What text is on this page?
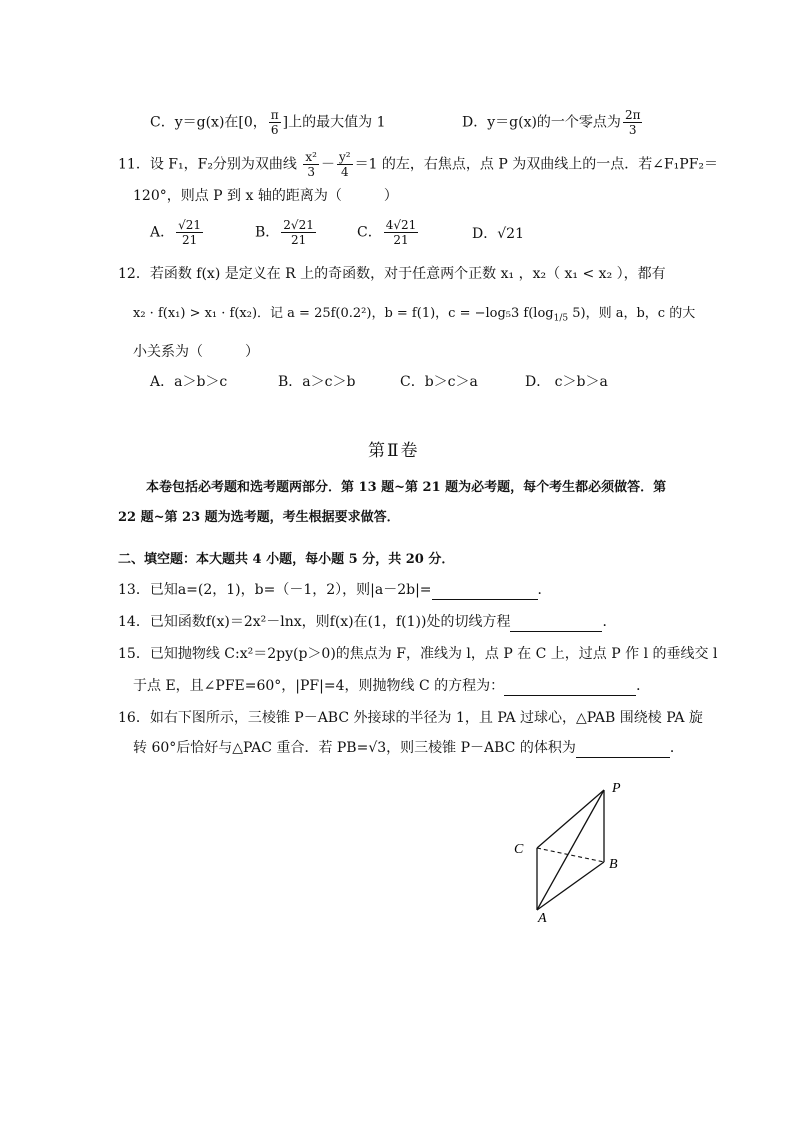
C．y＝g(x)在[0， $\frac{\pi}{6}$ ]上的最大值为 1	D．y＝g(x)的一个零点为 $\frac{2\pi}{3}$
11．设 F₁，F₂分别为双曲线 $\frac{\text{x²}}{3} - \frac{\text{y²}}{4} =1$ 的左，右焦点，点 P 为双曲线上的一点．若∠F₁PF₂＝
120°，则点 P 到 x 轴的距离为（　　　）
A． $\frac{√21}{21}$	B． $\frac{2√21}{21}$	C． $\frac{4√21}{21}$	D．√21
12．若函数 f(x) 是定义在 R 上的奇函数，对于任意两个正数 x₁ ，x₂（ x₁ < x₂ ），都有
x₂ · f(x₁) > x₁ · f(x₂)．记 a = 25f(0.2²)，b = f(1)，c = −log₅3 $f(\log_{1/5}$ 5)，则 a，b，c 的大
小关系为（　　　）
A．a＞b＞c	B．a＞c＞b	C．b＞c＞a	D． c＞b＞a
第Ⅱ卷
本卷包括必考题和选考题两部分．第 13 题~第 21 题为必考题，每个考生都必须做答．第
22 题~第 23 题为选考题，考生根据要求做答．
二、填空题：本大题共 4 小题，每小题 5 分，共 20 分．
13．已知a=(2，1)，b=（－1，2），则|a－2b|=	．
14．已知函数f(x)＝2x²－lnx，则f(x)在(1，f(1))处的切线方程	．
15．已知抛物线 C:x²＝2py(p＞0)的焦点为 F，准线为 l，点 P 在 C 上，过点 P 作 l 的垂线交 l
于点 E，且∠PFE=60°，|PF|=4，则抛物线 C 的方程为：	．
16．如右下图所示，三棱锥 P－ABC 外接球的半径为 1，且 PA 过球心，△PAB 围绕棱 PA 旋
转 60°后恰好与△PAC 重合．若 PB=√3，则三棱锥 P－ABC 的体积为	．
P
C
B
A
